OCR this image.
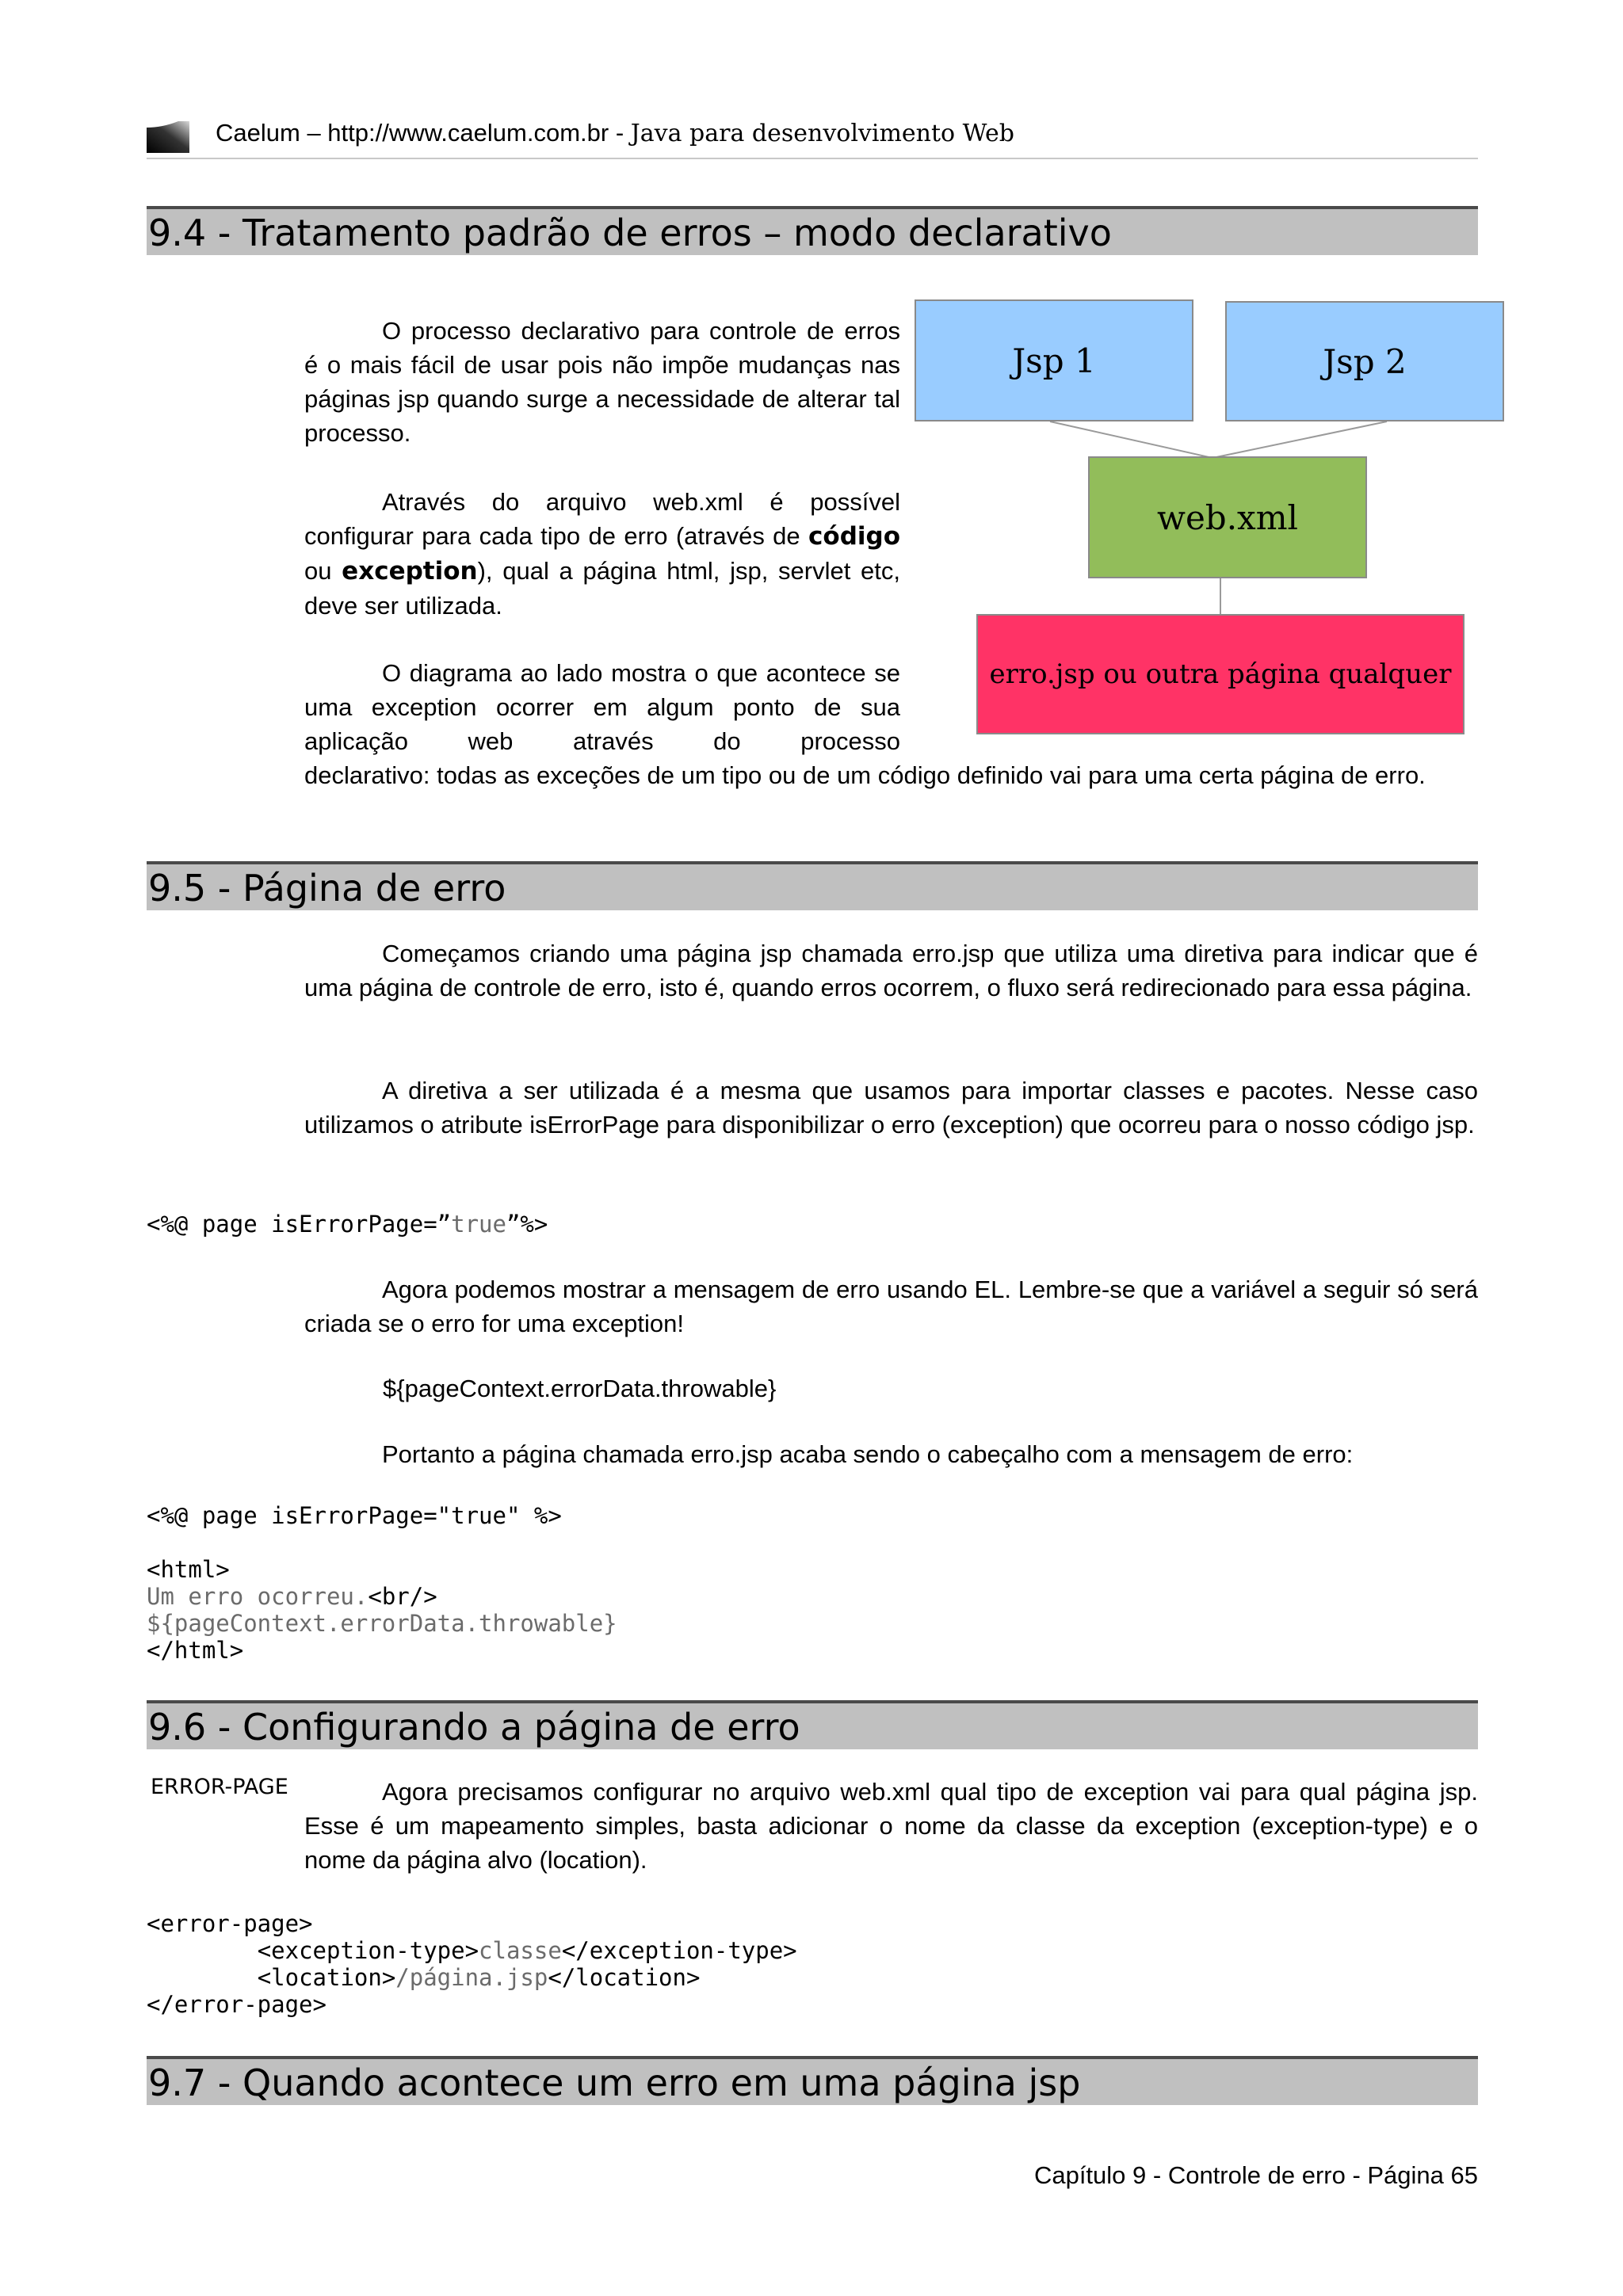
Caelum – http://www.caelum.com.br - Java para desenvolvimento Web
9.4 - Tratamento padrão de erros – modo declarativo

O processo declarativo para controle de erros é o mais fácil de usar pois não impõe mudanças nas páginas jsp quando surge a necessidade de alterar tal processo.

Através do arquivo web.xml é possível configurar para cada tipo de erro (através de código ou exception), qual a página html, jsp, servlet etc, deve ser utilizada.

O diagrama ao lado mostra o que acontece se uma exception ocorrer em algum ponto de sua aplicação web através do processo

declarativo: todas as exceções de um tipo ou de um código definido vai para uma certa página de erro.

Jsp 1	Jsp 2
web.xml
erro.jsp ou outra página qualquer
9.5 - Página de erro

Começamos criando uma página jsp chamada erro.jsp que utiliza uma diretiva para indicar que é uma página de controle de erro, isto é, quando erros ocorrem, o fluxo será redirecionado para essa página.

A diretiva a ser utilizada é a mesma que usamos para importar classes e pacotes. Nesse caso utilizamos o atribute isErrorPage para disponibilizar o erro (exception) que ocorreu para o nosso código jsp.

<%@ page isErrorPage=”true”%>

Agora podemos mostrar a mensagem de erro usando EL. Lembre-se que a variável a seguir só será criada se o erro for uma exception!

${pageContext.errorData.throwable}

Portanto a página chamada erro.jsp acaba sendo o cabeçalho com a mensagem de erro:

<%@ page isErrorPage="true" %>

<html>
Um erro ocorreu.<br/>
${pageContext.errorData.throwable}
</html>
9.6 - Configurando a página de erro
ERROR-PAGE	Agora precisamos configurar no arquivo web.xml qual tipo de exception vai para qual página jsp. Esse é um mapeamento simples, basta adicionar o nome da classe da exception (exception-type) e o nome da página alvo (location).

<error-page>
<exception-type>classe</exception-type>
<location>/página.jsp</location>
</error-page>
9.7 - Quando acontece um erro em uma página jsp
Capítulo 9 - Controle de erro - Página 65
